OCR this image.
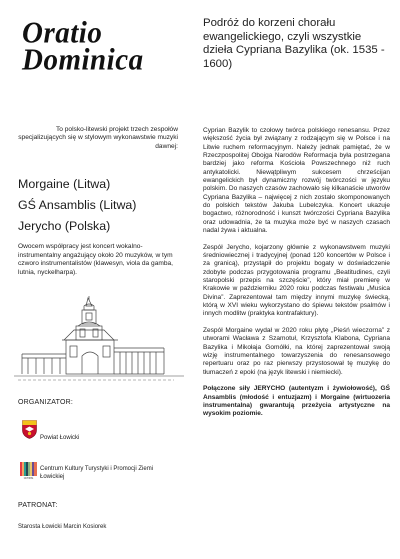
Oratio
Dominica
Podróż do korzeni chorału ewangelickiego, czyli wszystkie dzieła Cypriana Bazylika (ok. 1535 - 1600)
To polsko-litewski projekt trzech zespołów specjalizujących się w stylowym wykonawstwie muzyki dawnej:
Morgaine (Litwa)
GŚ Ansamblis (Litwa)
Jerycho (Polska)
Owocem współpracy jest koncert wokalno-instrumentalny angażujący około 20 muzyków, w tym czworo instrumentalistów (klawesyn, viola da gamba, lutnia, nyckelharpa).
ORGANIZATOR:
Powiat Łowicki
CKTiPZŁ
Centrum Kultury Turystyki i Promocji Ziemi Łowickiej
PATRONAT:
Starosta Łowicki Marcin Kosiorek

Cyprian Bazylik to czołowy twórca polskiego renesansu. Przez większość życia był związany z rodzającym się w Polsce i na Litwie ruchem reformacyjnym. Należy jednak pamiętać, że w Rzeczpospolitej Obojga Narodów Reformacja była postrzegana bardziej jako reforma Kościoła Powszechnego niż ruch antykatolicki. Niewątpliwym sukcesem chrześcijan ewangelickich był dynamiczny rozwój twórczości w języku polskim. Do naszych czasów zachowało się kilkanaście utworów Cypriana Bazylika – najwięcej z nich zostało skomponowanych do polskich tekstów Jakuba Lubelczyka. Koncert ukazuje bogactwo, różnorodność i kunszt twórczości Cypriana Bazylika oraz udowadnia, że ta muzyka może być w naszych czasach nadal żywa i aktualna.

Zespół Jerycho, kojarzony głównie z wykonawstwem muzyki średniowiecznej i tradycyjnej (ponad 120 koncertów w Polsce i za granicą), przystąpił do projektu bogaty w doświadczenie zdobyte podczas przygotowania programu „Beatitudines, czyli staropolski przepis na szczęście”, który miał premierę w Krakowie w październiku 2020 roku podczas festiwalu „Musica Divina”. Zaprezentował tam między innymi muzykę świecką, którą w XVI wieku wykorzystano do śpiewu tekstów psalmów i innych modlitw (praktyka kontrafaktury).

Zespół Morgaine wydał w 2020 roku płytę „Pieśń wieczorna” z utworami Wacława z Szamotuł, Krzysztofa Klabona, Cypriana Bazylika i Mikołaja Gomółki, na której zaprezentował swoją wizję instrumentalnego towarzyszenia do renesansowego repertuaru oraz po raz pierwszy przystosował tę muzykę do tłumaczeń z epoki (na język litewski i niemiecki).

Połączone siły JERYCHO (autentyzm i żywiołowość), GŚ Ansamblis (młodość i entuzjazm) i Morgaine (wirtuozeria instrumentalna) gwarantują przeżycia artystyczne na wysokim poziomie.
